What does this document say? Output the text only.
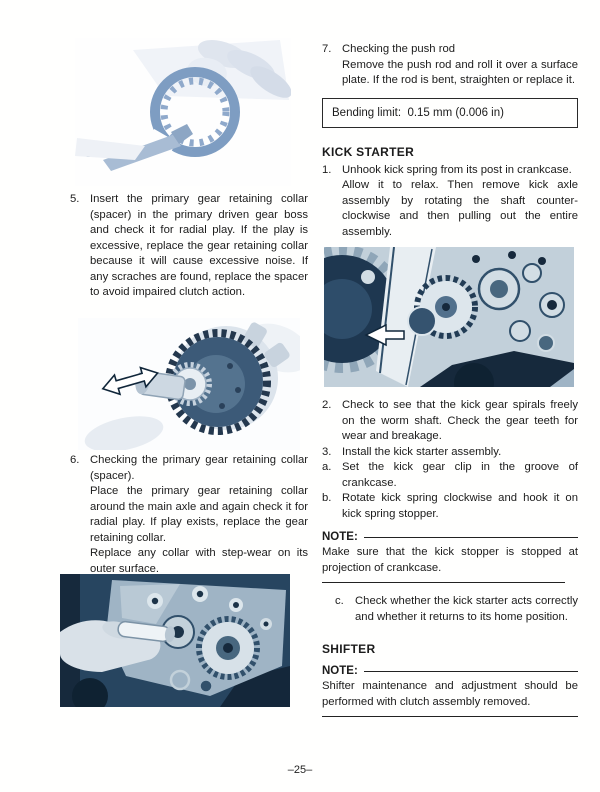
5. Insert the primary gear retaining collar (spacer) in the primary driven gear boss and check it for radial play. If the play is excessive, replace the gear retaining collar because it will cause excessive noise. If any scraches are found, replace the spacer to avoid impaired clutch action.

6. Checking the primary gear retaining collar (spacer).

Place the primary gear retaining collar around the main axle and again check it for radial play. If play exists, replace the gear retaining collar.

Replace any collar with step-wear on its outer surface.

7. Checking the push rod

Remove the push rod and roll it over a surface plate. If the rod is bent, straighten or replace it.

Bending limit: 0.15 mm (0.006 in)
KICK STARTER
1. Unhook kick spring from its post in crankcase.

Allow it to relax. Then remove kick axle assembly by rotating the shaft counter-clockwise and then pulling out the entire assembly.

2. Check to see that the kick gear spirals freely on the worm shaft. Check the gear teeth for wear and breakage.

3. Install the kick starter assembly.

a. Set the kick gear clip in the groove of crankcase.

b. Rotate kick spring clockwise and hook it on kick spring stopper.

NOTE:
Make sure that the kick stopper is stopped at projection of crankcase.
c. Check whether the kick starter acts correctly and whether it returns to its home position.

SHIFTER
NOTE:
Shifter maintenance and adjustment should be performed with clutch assembly removed.
–25–
